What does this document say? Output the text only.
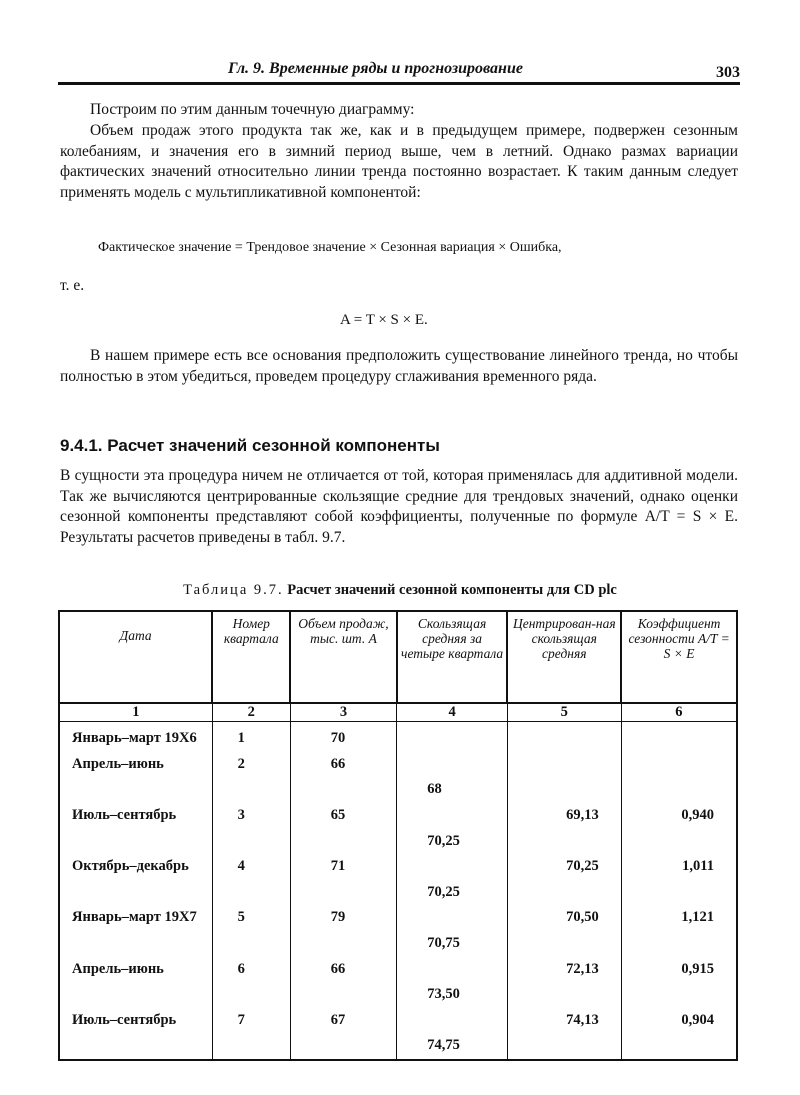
Гл. 9. Временные ряды и прогнозирование	303
Построим по этим данным точечную диаграмму:
Объем продаж этого продукта так же, как и в предыдущем примере, подвержен сезонным колебаниям, и значения его в зимний период выше, чем в летний. Однако размах вариации фактических значений относительно линии тренда постоянно возрастает. К таким данным следует применять модель с мультипликативной компонентой:
Фактическое значение = Трендовое значение × Сезонная вариация × Ошибка,
т. е.
A = T × S × E.
В нашем примере есть все основания предположить существование линейного тренда, но чтобы полностью в этом убедиться, проведем процедуру сглаживания временного ряда.
9.4.1. Расчет значений сезонной компоненты
В сущности эта процедура ничем не отличается от той, которая применялась для аддитивной модели. Так же вычисляются центрированные скользящие средние для трендовых значений, однако оценки сезонной компоненты представляют собой коэффициенты, полученные по формуле A/T = S × E. Результаты расчетов приведены в табл. 9.7.
Таблица 9.7. Расчет значений сезонной компоненты для CD plc
Дата	Номер квартала	Объем продаж, тыс. шт. A	Скользящая средняя за четыре квартала	Центрирован-ная скользящая средняя	Коэффициент сезонности A/T = S × E
1	2	3	4	5	6
Январь–март 19X6	1	70			
Апрель–июнь	2	66			
			68		
Июль–сентябрь	3	65		69,13	0,940
			70,25		
Октябрь–декабрь	4	71		70,25	1,011
			70,25		
Январь–март 19X7	5	79		70,50	1,121
			70,75		
Апрель–июнь	6	66		72,13	0,915
			73,50		
Июль–сентябрь	7	67		74,13	0,904
			74,75		
